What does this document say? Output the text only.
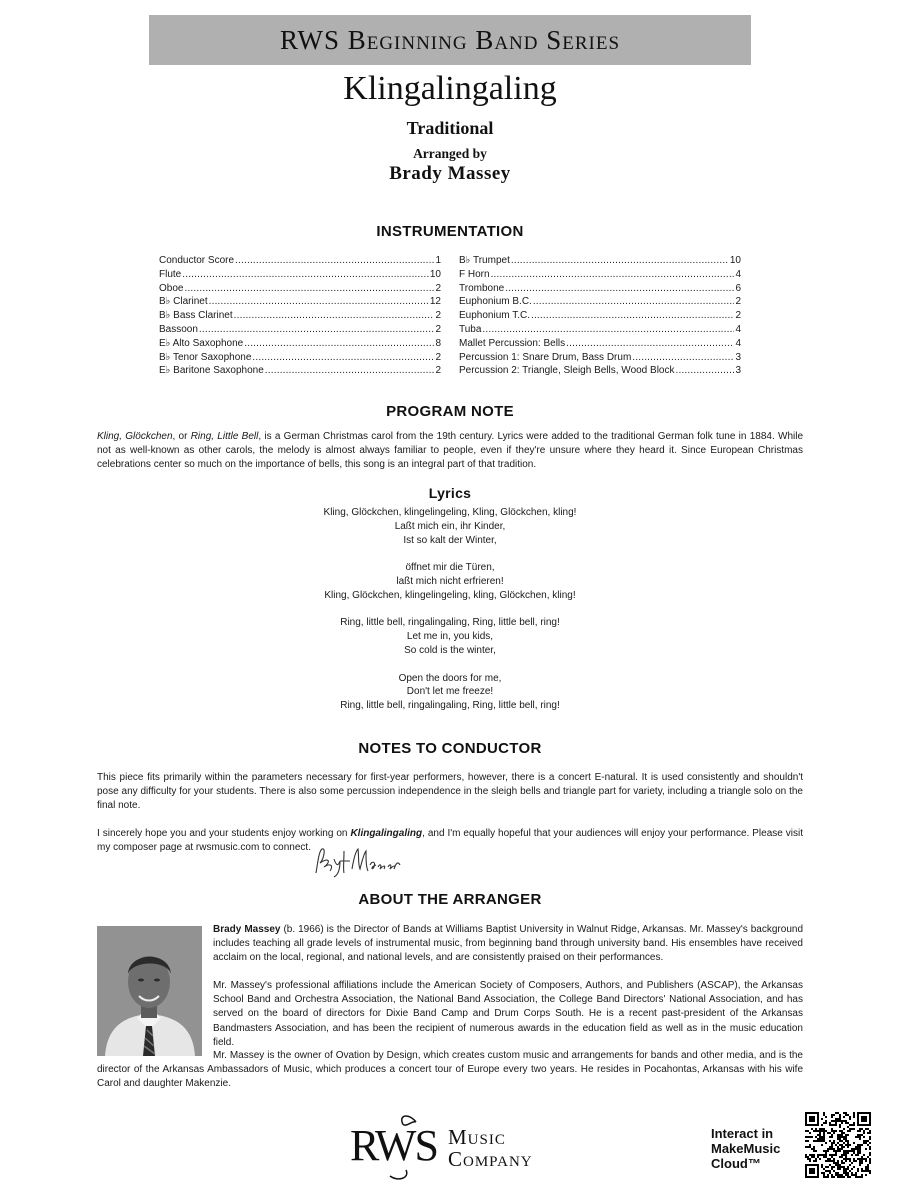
RWS Beginning Band Series
Klingalingaling
Traditional
Arranged by
Brady Massey
INSTRUMENTATION
Conductor Score .....	1
Flute .....	10
Oboe .....	2
B♭ Clarinet .....	12
B♭ Bass Clarinet .....	2
Bassoon .....	2
E♭ Alto Saxophone .....	8
B♭ Tenor Saxophone .....	2
E♭ Baritone Saxophone .....	2
B♭ Trumpet .....	10
F Horn .....	4
Trombone .....	6
Euphonium B.C. .....	2
Euphonium T.C. .....	2
Tuba .....	4
Mallet Percussion: Bells .....	4
Percussion 1: Snare Drum, Bass Drum .....	3
Percussion 2: Triangle, Sleigh Bells, Wood Block .....	3
PROGRAM NOTE
Kling, Glöckchen, or Ring, Little Bell, is a German Christmas carol from the 19th century. Lyrics were added to the traditional German folk tune in 1884. While not as well-known as other carols, the melody is almost always familiar to people, even if they're unsure where they heard it. Since European Christmas celebrations center so much on the importance of bells, this song is an integral part of that tradition.
Lyrics
Kling, Glöckchen, klingelingeling, Kling, Glöckchen, kling!
Laßt mich ein, ihr Kinder,
Ist so kalt der Winter,
öffnet mir die Türen,
laßt mich nicht erfrieren!
Kling, Glöckchen, klingelingeling, kling, Glöckchen, kling!
Ring, little bell, ringalingaling, Ring, little bell, ring!
Let me in, you kids,
So cold is the winter,
Open the doors for me,
Don't let me freeze!
Ring, little bell, ringalingaling, Ring, little bell, ring!
NOTES TO CONDUCTOR
This piece fits primarily within the parameters necessary for first-year performers, however, there is a concert E-natural. It is used consistently and shouldn't pose any difficulty for your students. There is also some percussion independence in the sleigh bells and triangle part for variety, including a triangle solo on the final note.
I sincerely hope you and your students enjoy working on Klingalingaling, and I'm equally hopeful that your audiences will enjoy your performance. Please visit my composer page at rwsmusic.com to connect.
ABOUT THE ARRANGER
Brady Massey (b. 1966) is the Director of Bands at Williams Baptist University in Walnut Ridge, Arkansas. Mr. Massey's background includes teaching all grade levels of instrumental music, from beginning band through university band. His ensembles have received acclaim on the local, regional, and national levels, and are consistently praised on their performances.
Mr. Massey's professional affiliations include the American Society of Composers, Authors, and Publishers (ASCAP), the Arkansas School Band and Orchestra Association, the National Band Association, the College Band Directors' National Association, and has served on the board of directors for Dixie Band Camp and Drum Corps South. He is a recent past-president of the Arkansas Bandmasters Association, and has been the recipient of numerous awards in the education field as well as in the music education field.
Mr. Massey is the owner of Ovation by Design, which creates custom music and arrangements for bands and other media, and is the director of the Arkansas Ambassadors of Music, which produces a concert tour of Europe every two years. He resides in Pocahontas, Arkansas with his wife Carol and daughter Makenzie.
RWS Music
Company
Interact in
MakeMusic
Cloud™
